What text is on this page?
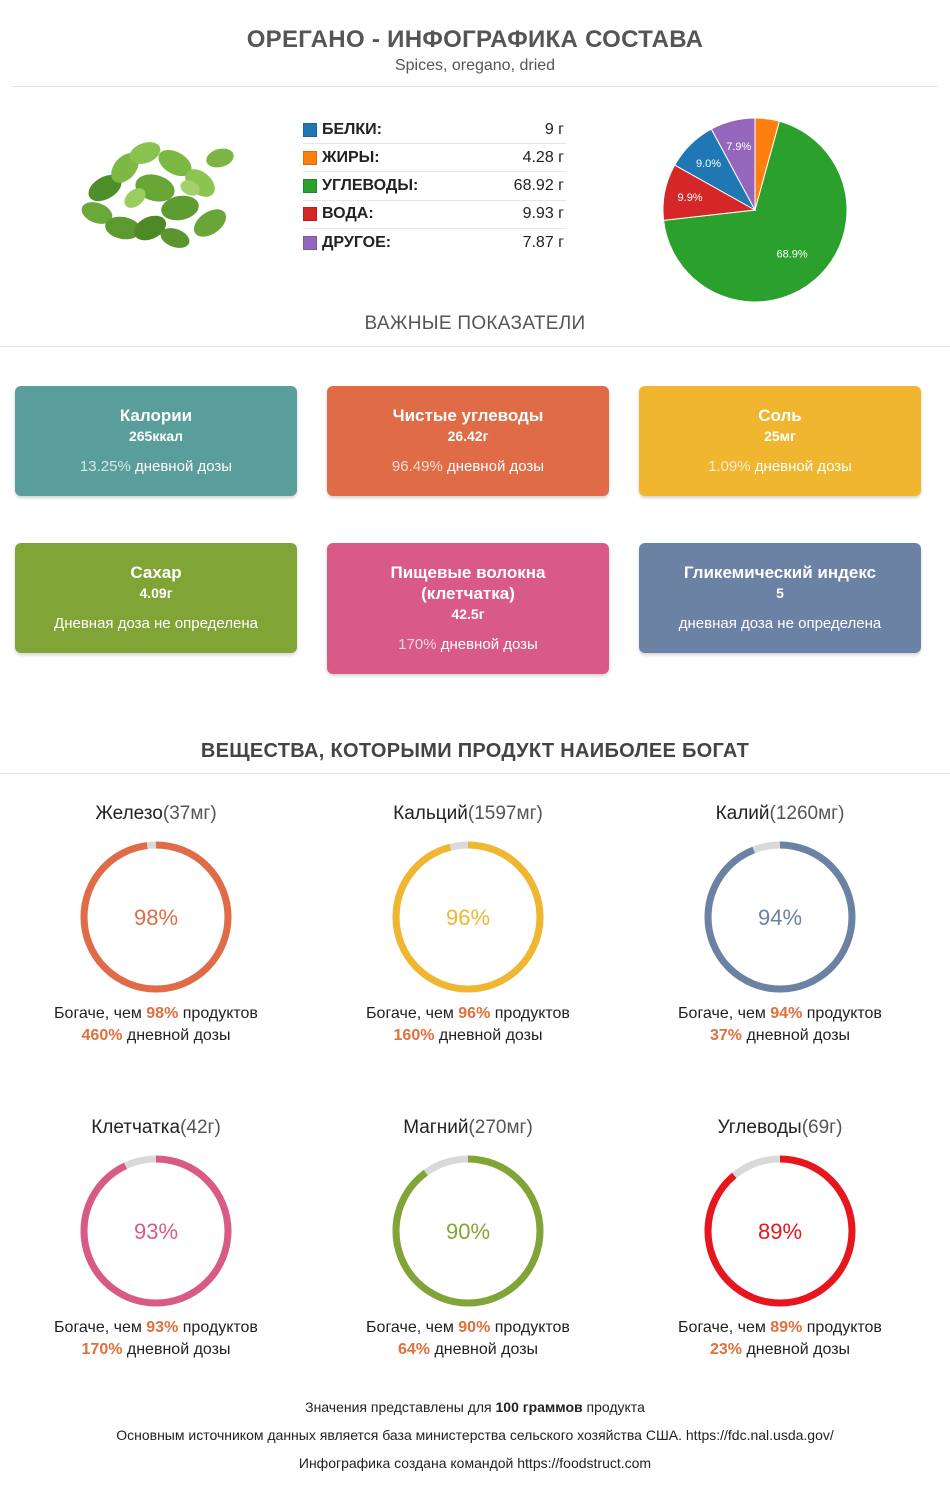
ОРЕГАНО - ИНФОГРАФИКА СОСТАВА
Spices, oregano, dried
БЕЛКИ:	9 г
ЖИРЫ:	4.28 г
УГЛЕВОДЫ:	68.92 г
ВОДА:	9.93 г
ДРУГОЕ:	7.87 г
68.9%
9.9%
9.0%
7.9%
ВАЖНЫЕ ПОКАЗАТЕЛИ
Калории
265ккал
13.25% дневной дозы
Чистые углеводы
26.42г
96.49% дневной дозы
Соль
25мг
1.09% дневной дозы
Сахар
4.09г
Дневная доза не определена
Пищевые волокна (клетчатка)
42.5г
170% дневной дозы
Гликемический индекс
5
дневная доза не определена
ВЕЩЕСТВА, КОТОРЫМИ ПРОДУКТ НАИБОЛЕЕ БОГАТ
Железо(37мг)
98%
Богаче, чем 98% продуктов
460% дневной дозы
Кальций(1597мг)
96%
Богаче, чем 96% продуктов
160% дневной дозы
Калий(1260мг)
94%
Богаче, чем 94% продуктов
37% дневной дозы
Клетчатка(42г)
93%
Богаче, чем 93% продуктов
170% дневной дозы
Магний(270мг)
90%
Богаче, чем 90% продуктов
64% дневной дозы
Углеводы(69г)
89%
Богаче, чем 89% продуктов
23% дневной дозы
Значения представлены для 100 граммов продукта
Основным источником данных является база министерства сельского хозяйства США. https://fdc.nal.usda.gov/
Инфографика создана командой https://foodstruct.com
